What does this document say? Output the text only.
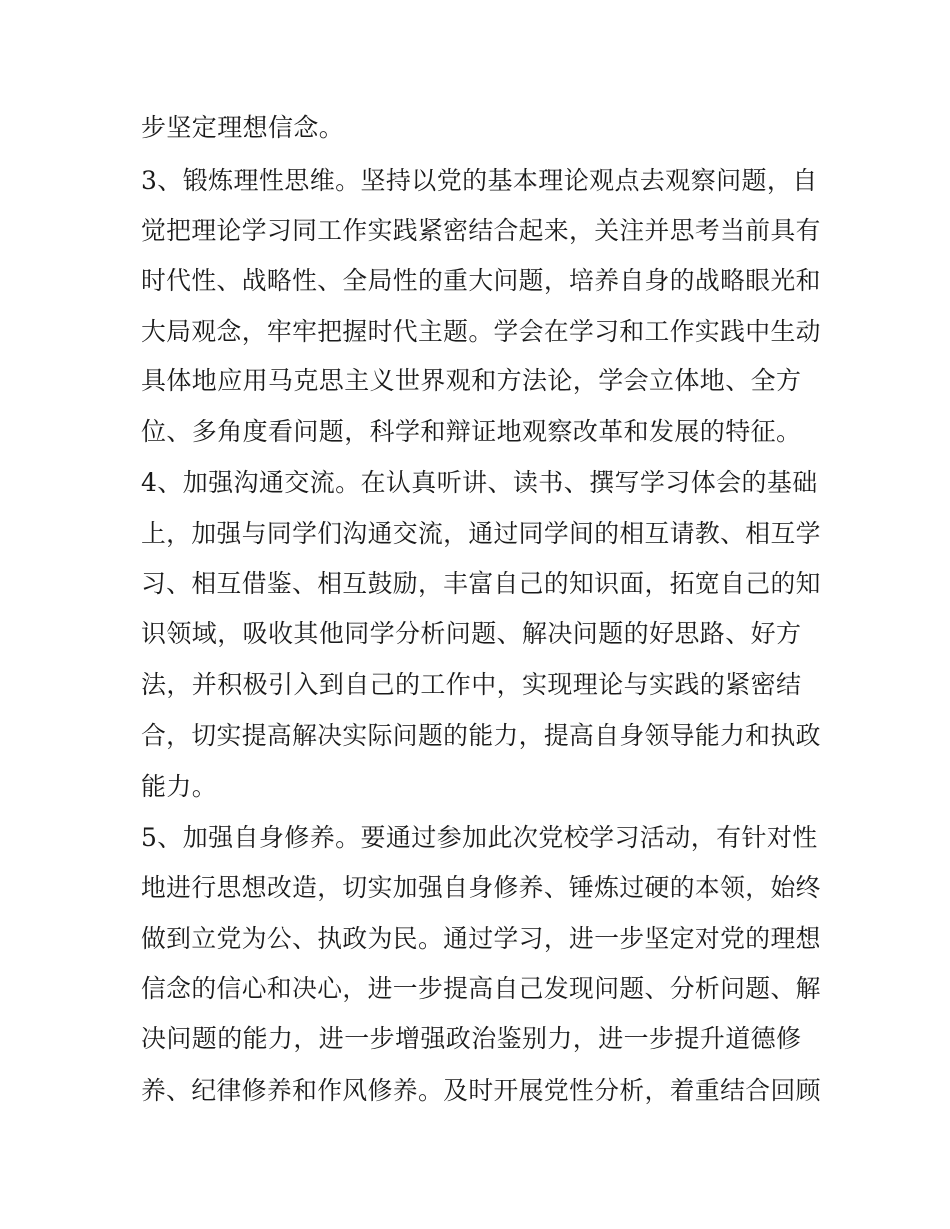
步坚定理想信念。
3、锻炼理性思维。坚持以党的基本理论观点去观察问题，自
觉把理论学习同工作实践紧密结合起来，关注并思考当前具有
时代性、战略性、全局性的重大问题，培养自身的战略眼光和
大局观念，牢牢把握时代主题。学会在学习和工作实践中生动
具体地应用马克思主义世界观和方法论，学会立体地、全方
位、多角度看问题，科学和辩证地观察改革和发展的特征。
4、加强沟通交流。在认真听讲、读书、撰写学习体会的基础
上，加强与同学们沟通交流，通过同学间的相互请教、相互学
习、相互借鉴、相互鼓励，丰富自己的知识面，拓宽自己的知
识领域，吸收其他同学分析问题、解决问题的好思路、好方
法，并积极引入到自己的工作中，实现理论与实践的紧密结
合，切实提高解决实际问题的能力，提高自身领导能力和执政
能力。
5、加强自身修养。要通过参加此次党校学习活动，有针对性
地进行思想改造，切实加强自身修养、锤炼过硬的本领，始终
做到立党为公、执政为民。通过学习，进一步坚定对党的理想
信念的信心和决心，进一步提高自己发现问题、分析问题、解
决问题的能力，进一步增强政治鉴别力，进一步提升道德修
养、纪律修养和作风修养。及时开展党性分析，着重结合回顾
